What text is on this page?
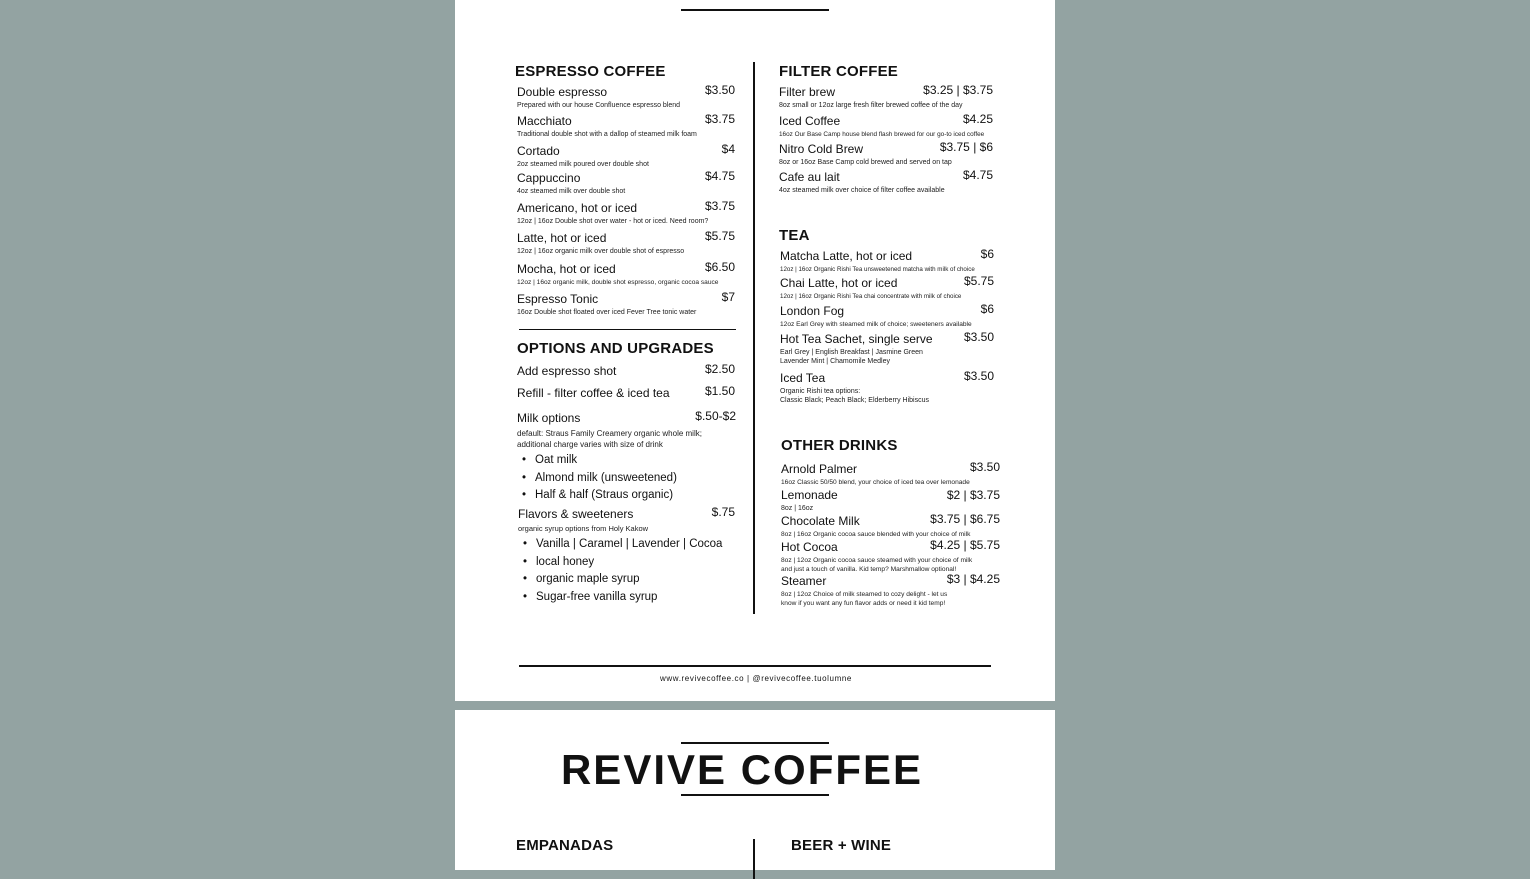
ESPRESSO COFFEE
Double espresso	$3.50
Prepared with our house Confluence espresso blend
Macchiato	$3.75
Traditional double shot with a dallop of steamed milk foam
Cortado	$4
2oz steamed milk poured over double shot
Cappuccino	$4.75
4oz steamed milk over double shot
Americano, hot or iced	$3.75
12oz | 16oz Double shot over water - hot or iced. Need room?
Latte, hot or iced	$5.75
12oz | 16oz organic milk over double shot of espresso
Mocha, hot or iced	$6.50
12oz | 16oz organic milk, double shot espresso, organic cocoa sauce
Espresso Tonic	$7
16oz Double shot floated over iced Fever Tree tonic water
OPTIONS AND UPGRADES
Add espresso shot	$2.50
Refill - filter coffee & iced tea	$1.50
Milk options	$.50-$2
default: Straus Family Creamery organic whole milk;
additional charge varies with size of drink
• Oat milk
• Almond milk (unsweetened)
• Half & half (Straus organic)
Flavors & sweeteners	$.75
organic syrup options from Holy Kakow
• Vanilla | Caramel | Lavender | Cocoa
• local honey
• organic maple syrup
• Sugar-free vanilla syrup
FILTER COFFEE
Filter brew	$3.25 | $3.75
8oz small or 12oz large fresh filter brewed coffee of the day
Iced Coffee	$4.25
16oz Our Base Camp house blend flash brewed for our go-to iced coffee
Nitro Cold Brew	$3.75 | $6
8oz or 16oz Base Camp cold brewed and served on tap
Cafe au lait	$4.75
4oz steamed milk over choice of filter coffee available
TEA
Matcha Latte, hot or iced	$6
12oz | 16oz Organic Rishi Tea unsweetened matcha with milk of choice
Chai Latte, hot or iced	$5.75
12oz | 16oz Organic Rishi Tea chai concentrate with milk of choice
London Fog	$6
12oz Earl Grey with steamed milk of choice; sweeteners available
Hot Tea Sachet, single serve	$3.50
Earl Grey | English Breakfast | Jasmine Green
Lavender Mint | Chamomile Medley
Iced Tea	$3.50
Organic Rishi tea options:
Classic Black; Peach Black; Elderberry Hibiscus
OTHER DRINKS
Arnold Palmer	$3.50
16oz Classic 50/50 blend, your choice of iced tea over lemonade
Lemonade	$2 | $3.75
8oz | 16oz
Chocolate Milk	$3.75 | $6.75
8oz | 16oz Organic cocoa sauce blended with your choice of milk
Hot Cocoa	$4.25 | $5.75
8oz | 12oz Organic cocoa sauce steamed with your choice of milk
and just a touch of vanilla. Kid temp? Marshmallow optional!
Steamer	$3 | $4.25
8oz | 12oz Choice of milk steamed to cozy delight - let us
know if you want any fun flavor adds or need it kid temp!
www.revivecoffee.co | @revivecoffee.tuolumne
REVIVE COFFEE
EMPANADAS	BEER + WINE
